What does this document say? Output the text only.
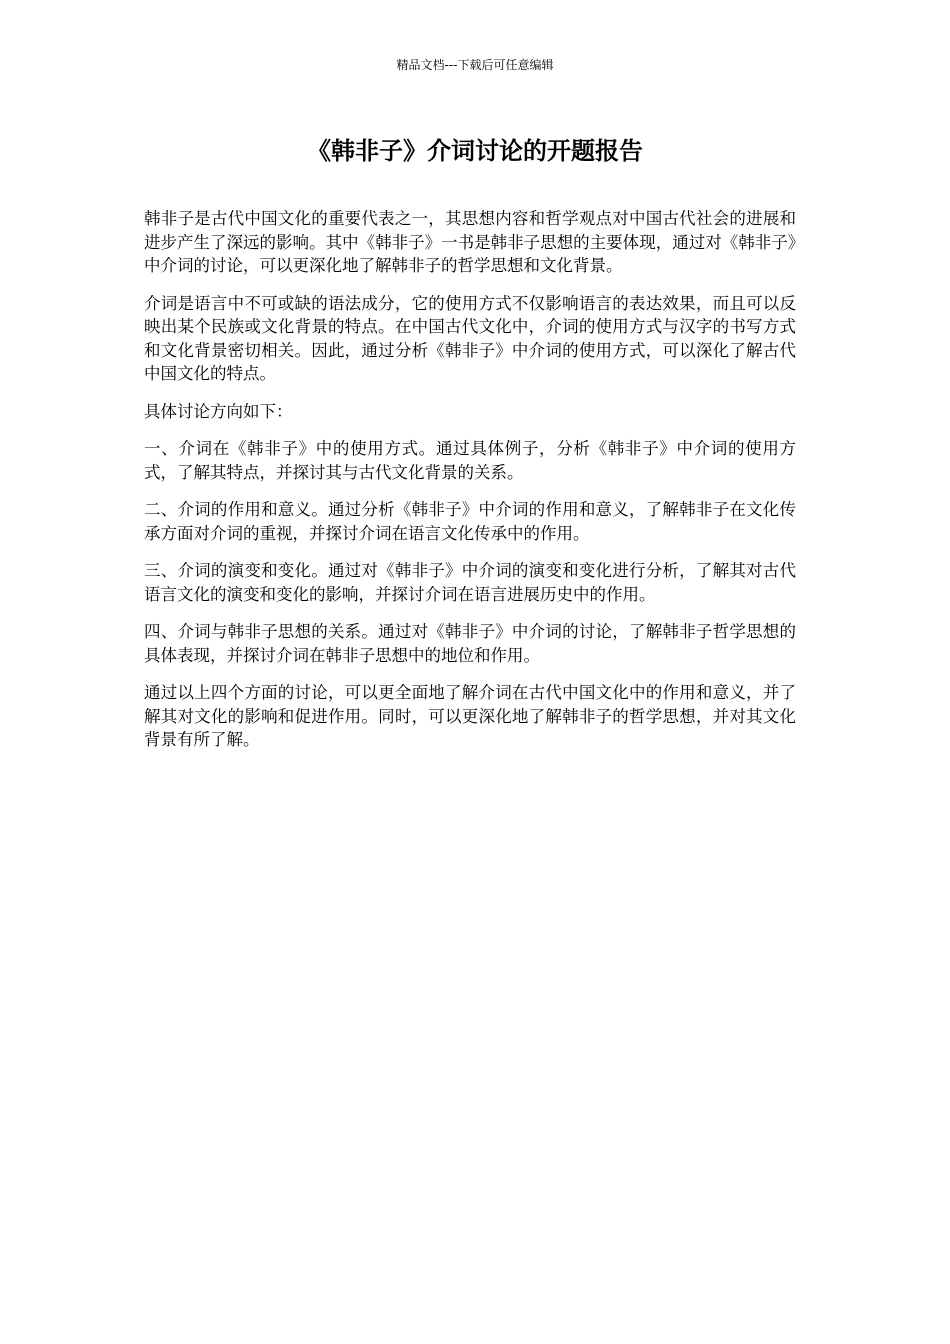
精品文档---下载后可任意编辑
《韩非子》介词讨论的开题报告

韩非子是古代中国文化的重要代表之一，其思想内容和哲学观点对中国古代社会的进展和进步产生了深远的影响。其中《韩非子》一书是韩非子思想的主要体现，通过对《韩非子》中介词的讨论，可以更深化地了解韩非子的哲学思想和文化背景。

介词是语言中不可或缺的语法成分，它的使用方式不仅影响语言的表达效果，而且可以反映出某个民族或文化背景的特点。在中国古代文化中，介词的使用方式与汉字的书写方式和文化背景密切相关。因此，通过分析《韩非子》中介词的使用方式，可以深化了解古代中国文化的特点。

具体讨论方向如下：

一、介词在《韩非子》中的使用方式。通过具体例子，分析《韩非子》中介词的使用方式，了解其特点，并探讨其与古代文化背景的关系。

二、介词的作用和意义。通过分析《韩非子》中介词的作用和意义，了解韩非子在文化传承方面对介词的重视，并探讨介词在语言文化传承中的作用。

三、介词的演变和变化。通过对《韩非子》中介词的演变和变化进行分析，了解其对古代语言文化的演变和变化的影响，并探讨介词在语言进展历史中的作用。

四、介词与韩非子思想的关系。通过对《韩非子》中介词的讨论，了解韩非子哲学思想的具体表现，并探讨介词在韩非子思想中的地位和作用。

通过以上四个方面的讨论，可以更全面地了解介词在古代中国文化中的作用和意义，并了解其对文化的影响和促进作用。同时，可以更深化地了解韩非子的哲学思想，并对其文化背景有所了解。
